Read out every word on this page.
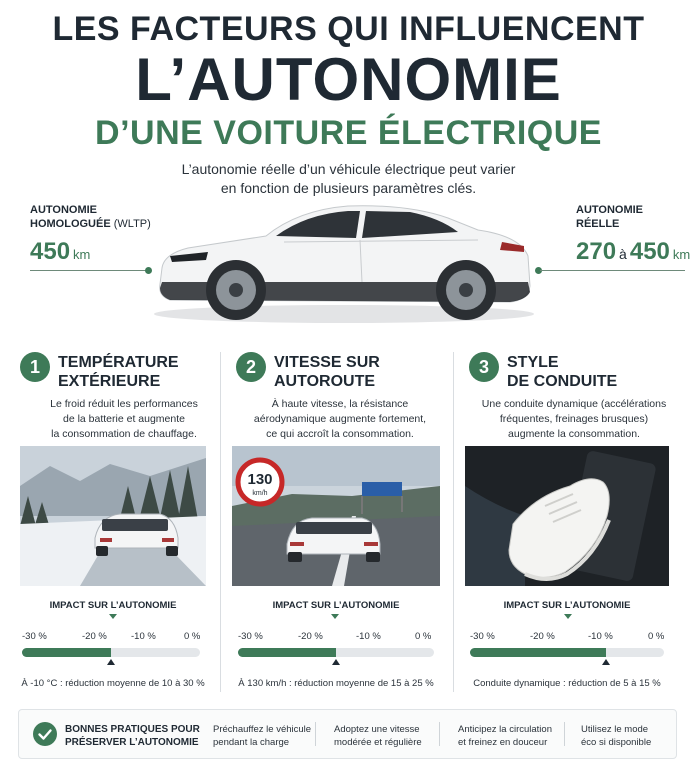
LES FACTEURS QUI INFLUENCENT
L’AUTONOMIE
D’UNE VOITURE ÉLECTRIQUE
L’autonomie réelle d’un véhicule électrique peut varier
en fonction de plusieurs paramètres clés.
AUTONOMIE
HOMOLOGUÉE (WLTP)
450 km
AUTONOMIE
RÉELLE
270 à 450 km
1	TEMPÉRATURE
EXTÉRIEURE
Le froid réduit les performances
de la batterie et augmente
la consommation de chauffage.
2	VITESSE SUR
AUTOROUTE
À haute vitesse, la résistance
aérodynamique augmente fortement,
ce qui accroît la consommation.
3	STYLE
DE CONDUITE
Une conduite dynamique (accélérations
fréquentes, freinages brusques)
augmente la consommation.
130
km/h
IMPACT SUR L’AUTONOMIE
-30 %	-20 %	-10 %	0 %
À -10 °C : réduction moyenne de 10 à 30 %
IMPACT SUR L’AUTONOMIE
-30 %	-20 %	-10 %	0 %
À 130 km/h : réduction moyenne de 15 à 25 %
IMPACT SUR L’AUTONOMIE
-30 %	-20 %	-10 %	0 %
Conduite dynamique : réduction de 5 à 15 %
BONNES PRATIQUES POUR
PRÉSERVER L’AUTONOMIE
Préchauffez le véhicule
pendant la charge
Adoptez une vitesse
modérée et régulière
Anticipez la circulation
et freinez en douceur
Utilisez le mode
éco si disponible
